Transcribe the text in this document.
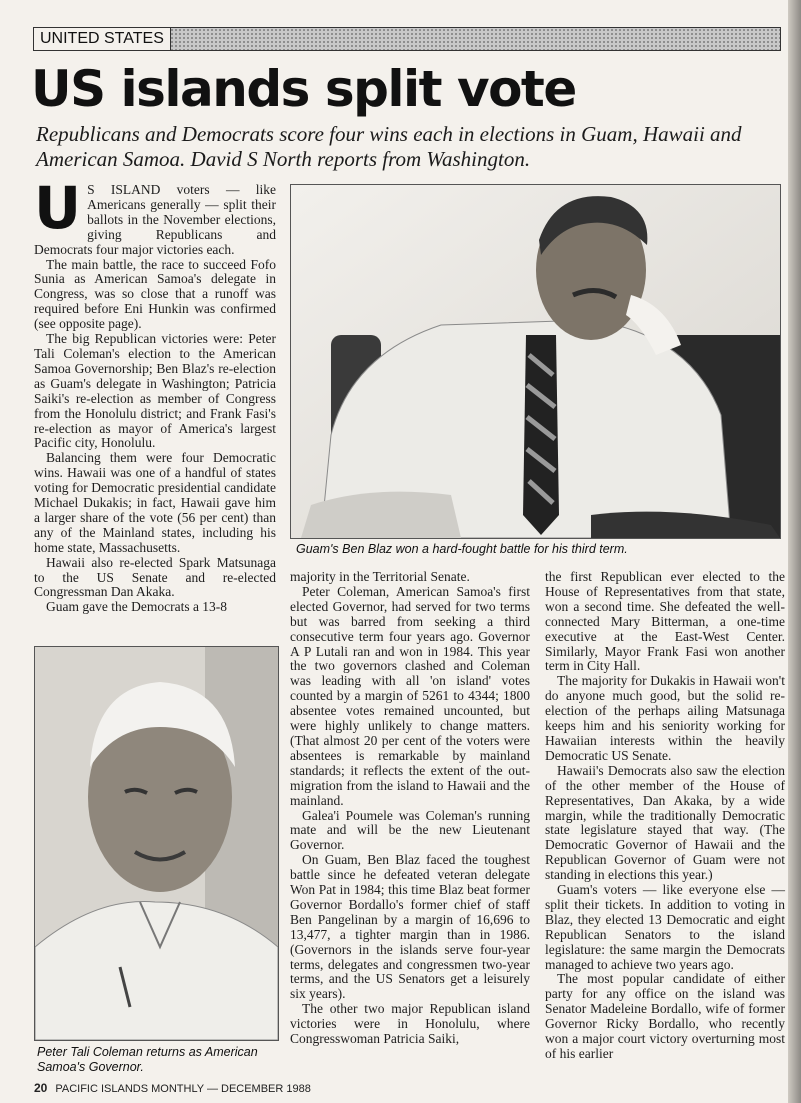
UNITED STATES
US islands split vote

Republicans and Democrats score four wins each in elections in Guam, Hawaii and American Samoa. David S North reports from Washington.

U S ISLAND voters — like Americans generally — split their ballots in the November elections, giving Republicans and Democrats four major victories each.

The main battle, the race to succeed Fofo Sunia as American Samoa's delegate in Congress, was so close that a runoff was required before Eni Hunkin was confirmed (see opposite page).

The big Republican victories were: Peter Tali Coleman's election to the American Samoa Governorship; Ben Blaz's re-election as Guam's delegate in Washington; Patricia Saiki's re-election as member of Congress from the Honolulu district; and Frank Fasi's re-election as mayor of America's largest Pacific city, Honolulu.

Balancing them were four Democratic wins. Hawaii was one of a handful of states voting for Democratic presidential candidate Michael Dukakis; in fact, Hawaii gave him a larger share of the vote (56 per cent) than any of the Mainland states, including his home state, Massachusetts.

Hawaii also re-elected Spark Matsunaga to the US Senate and re-elected Congressman Dan Akaka.

Guam gave the Democrats a 13-8

Guam's Ben Blaz won a hard-fought battle for his third term.
Peter Tali Coleman returns as American Samoa's Governor.

majority in the Territorial Senate.

Peter Coleman, American Samoa's first elected Governor, had served for two terms but was barred from seeking a third consecutive term four years ago. Governor A P Lutali ran and won in 1984. This year the two governors clashed and Coleman was leading with all 'on island' votes counted by a margin of 5261 to 4344; 1800 absentee votes remained uncounted, but were highly unlikely to change matters. (That almost 20 per cent of the voters were absentees is remarkable by mainland standards; it reflects the extent of the out-migration from the island to Hawaii and the mainland.

Galea'i Poumele was Coleman's running mate and will be the new Lieutenant Governor.

On Guam, Ben Blaz faced the toughest battle since he defeated veteran delegate Won Pat in 1984; this time Blaz beat former Governor Bordallo's former chief of staff Ben Pangelinan by a margin of 16,696 to 13,477, a tighter margin than in 1986. (Governors in the islands serve four-year terms, delegates and congressmen two-year terms, and the US Senators get a leisurely six years).

The other two major Republican island victories were in Honolulu, where Congresswoman Patricia Saiki,

the first Republican ever elected to the House of Representatives from that state, won a second time. She defeated the well-connected Mary Bitterman, a one-time executive at the East-West Center. Similarly, Mayor Frank Fasi won another term in City Hall.

The majority for Dukakis in Hawaii won't do anyone much good, but the solid re-election of the perhaps ailing Matsunaga keeps him and his seniority working for Hawaiian interests within the heavily Democratic US Senate.

Hawaii's Democrats also saw the election of the other member of the House of Representatives, Dan Akaka, by a wide margin, while the traditionally Democratic state legislature stayed that way. (The Democratic Governor of Hawaii and the Republican Governor of Guam were not standing in elections this year.)

Guam's voters — like everyone else — split their tickets. In addition to voting in Blaz, they elected 13 Democratic and eight Republican Senators to the island legislature: the same margin the Democrats managed to achieve two years ago.

The most popular candidate of either party for any office on the island was Senator Madeleine Bordallo, wife of former Governor Ricky Bordallo, who recently won a major court victory overturning most of his earlier

20 PACIFIC ISLANDS MONTHLY — DECEMBER 1988
